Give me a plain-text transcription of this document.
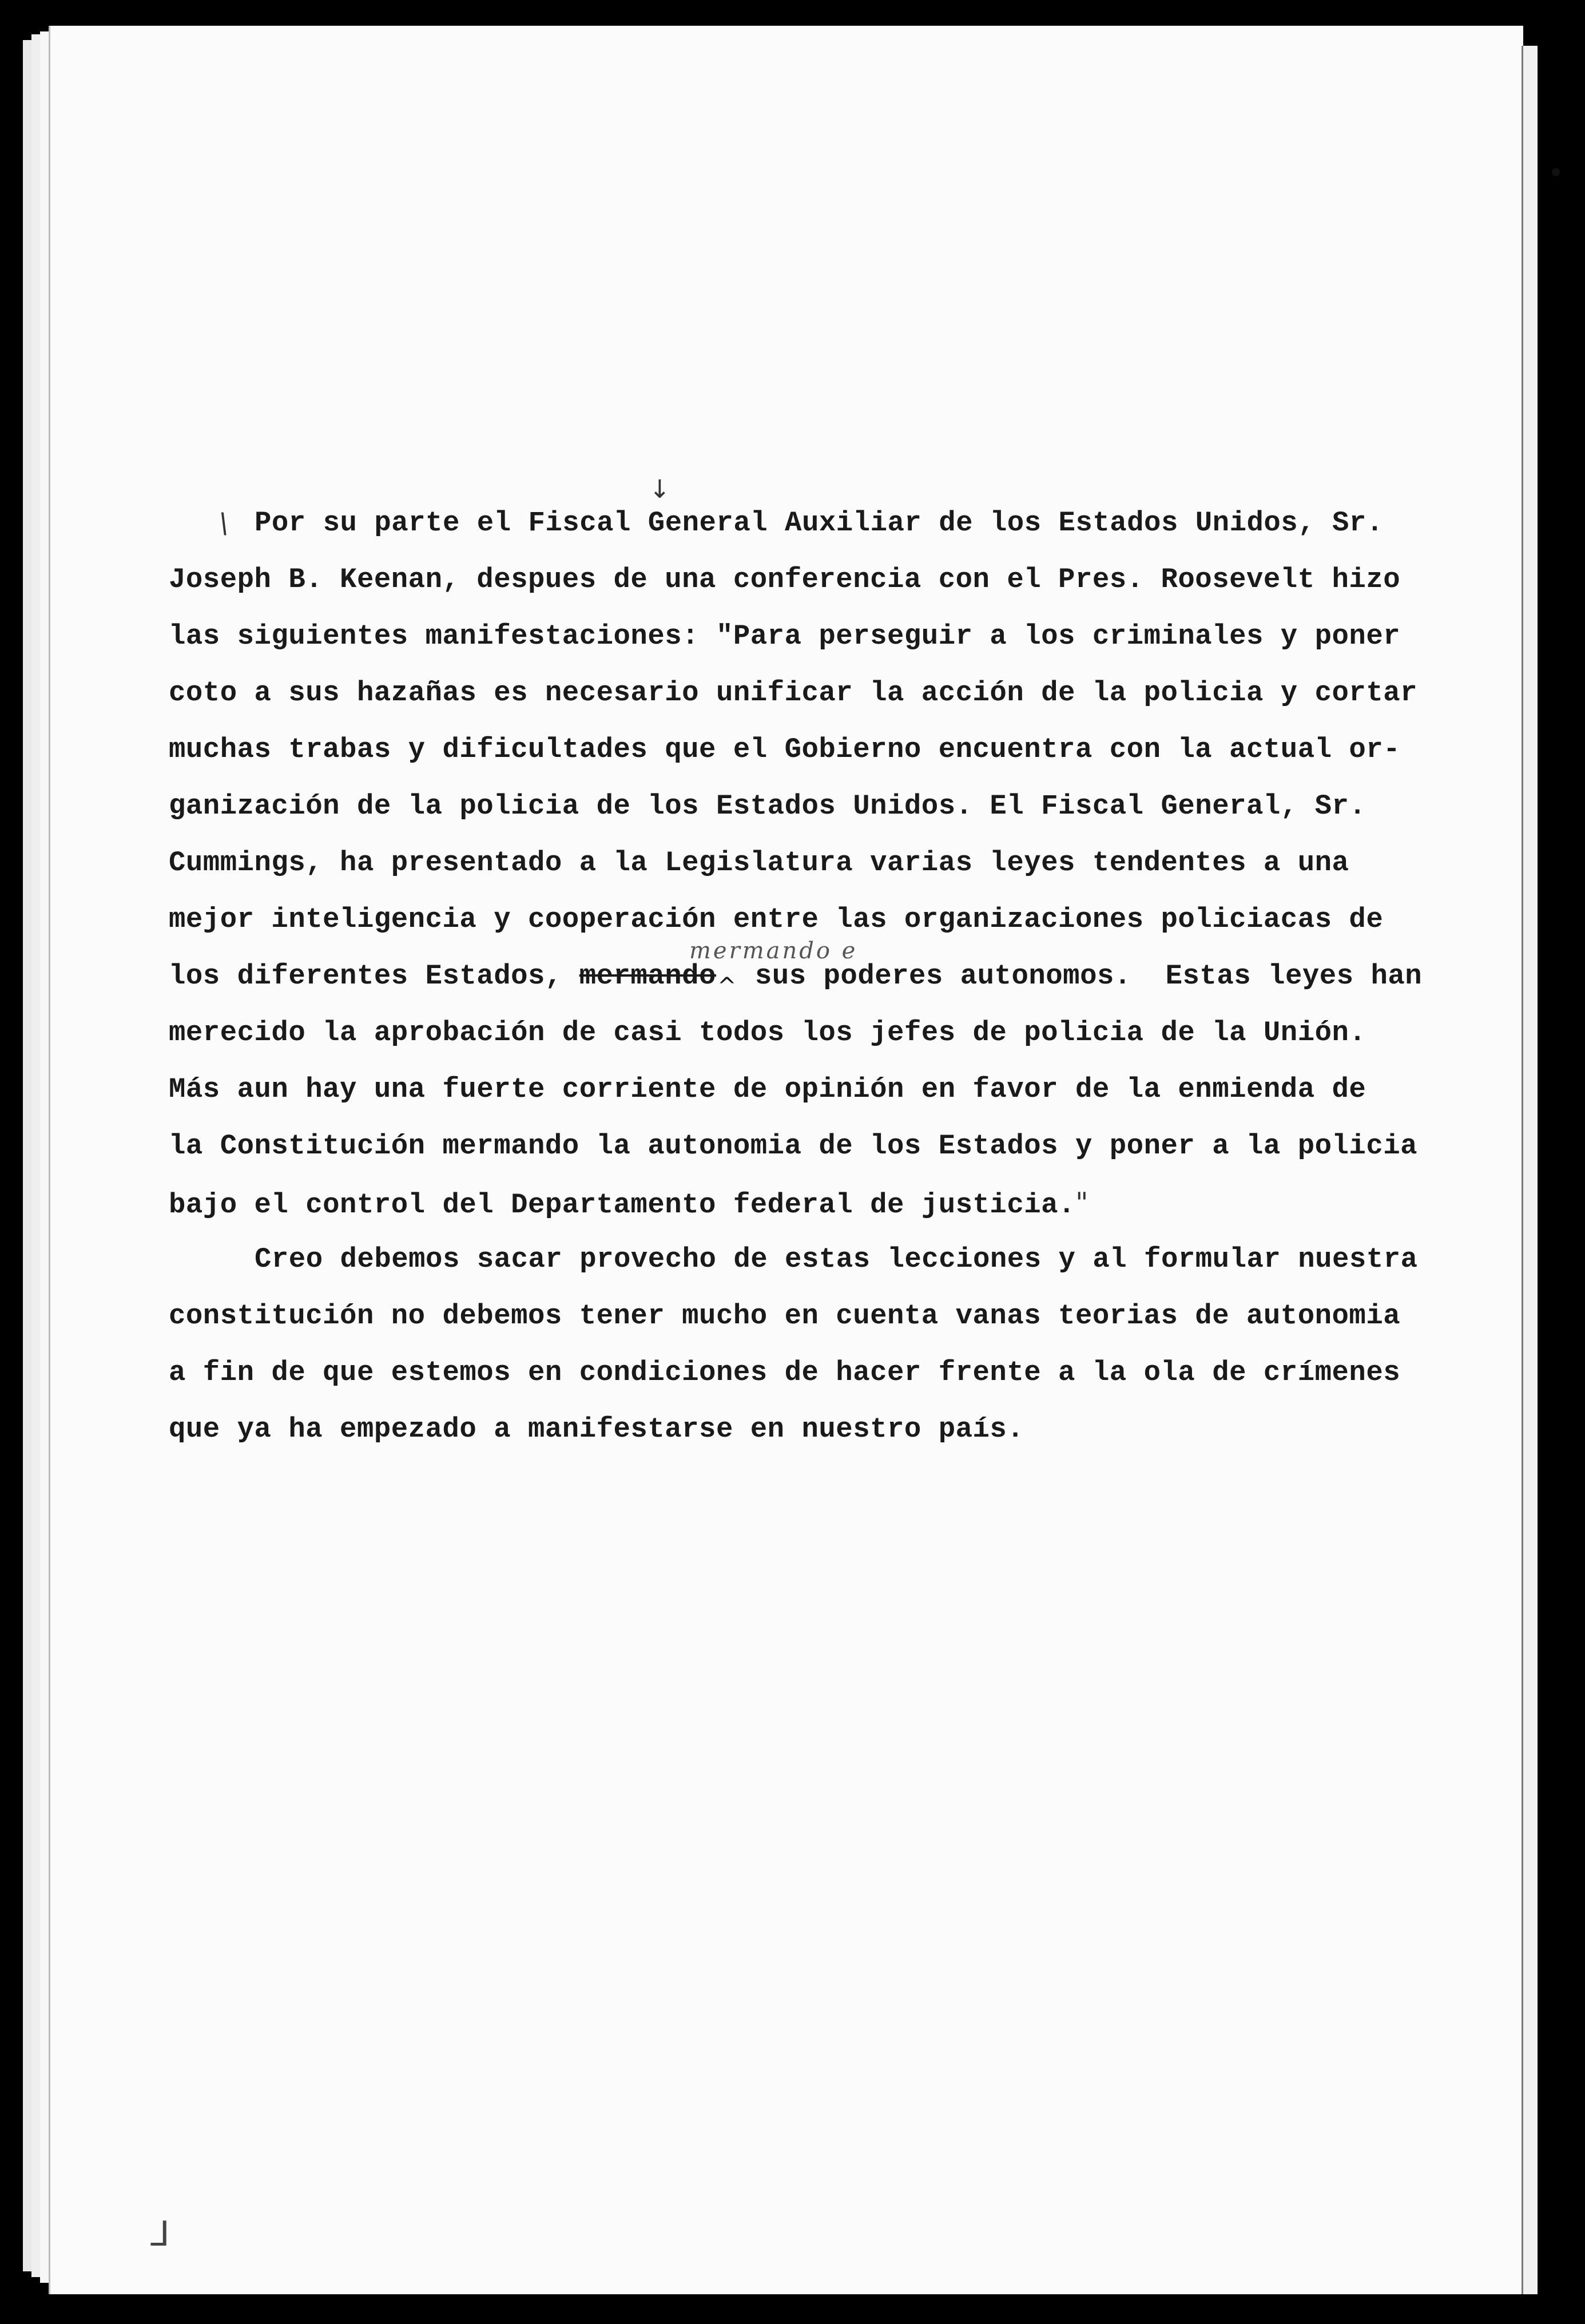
↓
\ Por su parte el Fiscal General Auxiliar de los Estados Unidos, Sr.
Joseph B. Keenan, despues de una conferencia con el Pres. Roosevelt hizo
las siguientes manifestaciones: "Para perseguir a los criminales y poner
coto a sus hazañas es necesario unificar la acción de la policia y cortar
muchas trabas y dificultades que el Gobierno encuentra con la actual or-
ganización de la policia de los Estados Unidos. El Fiscal General, Sr.
Cummings, ha presentado a la Legislatura varias leyes tendentes a una
mejor inteligencia y cooperación entre las organizaciones policiacas de
mermando e
los diferentes Estados, mermando^ sus poderes autonomos.  Estas leyes han
merecido la aprobación de casi todos los jefes de policia de la Unión.
Más aun hay una fuerte corriente de opinión en favor de la enmienda de
la Constitución mermando la autonomia de los Estados y poner a la policia
bajo el control del Departamento federal de justicia."
Creo debemos sacar provecho de estas lecciones y al formular nuestra
constitución no debemos tener mucho en cuenta vanas teorias de autonomia
a fin de que estemos en condiciones de hacer frente a la ola de crímenes
que ya ha empezado a manifestarse en nuestro país.
ᒧ
